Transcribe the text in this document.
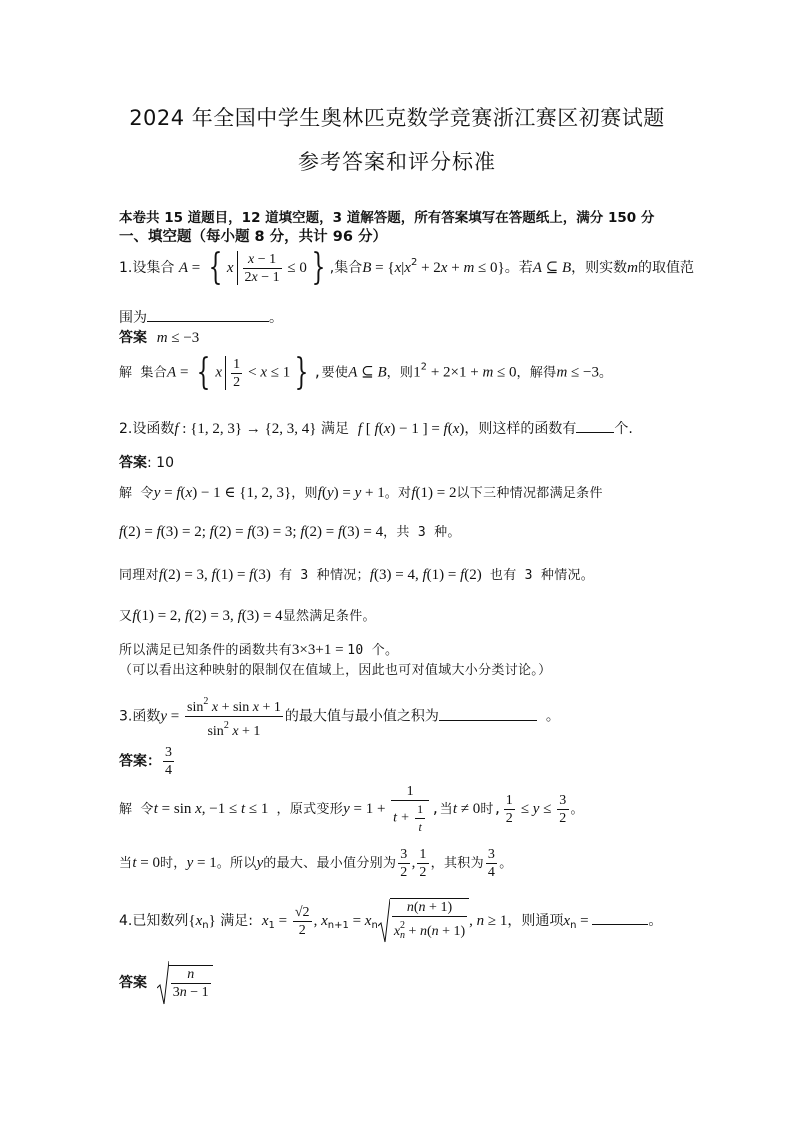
2024 年全国中学生奥林匹克数学竞赛浙江赛区初赛试题
参考答案和评分标准
本卷共 15 道题目，12 道填空题，3 道解答题，所有答案填写在答题纸上，满分 150 分
一、填空题（每小题 8 分，共计 96 分）
1.设集合 A = { x $\frac{x - 1}{2x - 1} \le 0$ } ,集合$B = \{x|x^2 + 2x + m \le 0\}$。若A ⊆ B，则实数m的取值范
围为	。
答案 m ≤ −3
解 集合A = { x $\frac{1}{2} < x \le 1$ } ,要使A ⊆ B，则$1^2 + 2\times 1 + m \le 0$，解得m ≤ −3。
2.设函数f : {1, 2, 3} → {2, 3, 4} 满足 f [ f(x) − 1 ] = f(x)，则这样的函数有	个.
答案: 10
解 令y = f(x) − 1 ∈ {1, 2, 3}，则f(y) = y + 1。对f(1) = 2以下三种情况都满足条件
f(2) = f(3) = 2; f(2) = f(3) = 3; f(2) = f(3) = 4，共 3 种。
同理对f(2) = 3, f(1) = f(3) 有 3 种情况；f(3) = 4, f(1) = f(2) 也有 3 种情况。
又f(1) = 2, f(2) = 3, f(3) = 4显然满足条件。
所以满足已知条件的函数共有3×3+1 = 10 个。
（可以看出这种映射的限制仅在值域上，因此也可对值域大小分类讨论。）
3.函数$y = \frac{\sin^2 x + \sin x + 1}{\sin^2 x + 1}$ 的最大值与最小值之积为	。
答案： $\frac{3}{4}$
解 令t = sin x, −1 ≤ t ≤ 1 ，原式变形$y = 1 + \frac{1}{t + \frac{1}{t}}$ ,当t ≠ 0时, $\frac{1}{2} \le y \le \frac{3}{2}$ 。
当t = 0时，y = 1。所以y的最大、最小值分别为 $\frac{3}{2}$ , $\frac{1}{2}$ ，其积为 $\frac{3}{4}$ 。
4.已知数列$\{x_n\}$ 满足: $x_1 = \frac{√2}{2}$ , $x_{n+1} = x_n \frac{n(n + 1)}{x^2_n + n(n + 1)}$ , n ≥ 1，则通项$x_n$ =	。
答案 $\frac{n}{3n - 1}$
